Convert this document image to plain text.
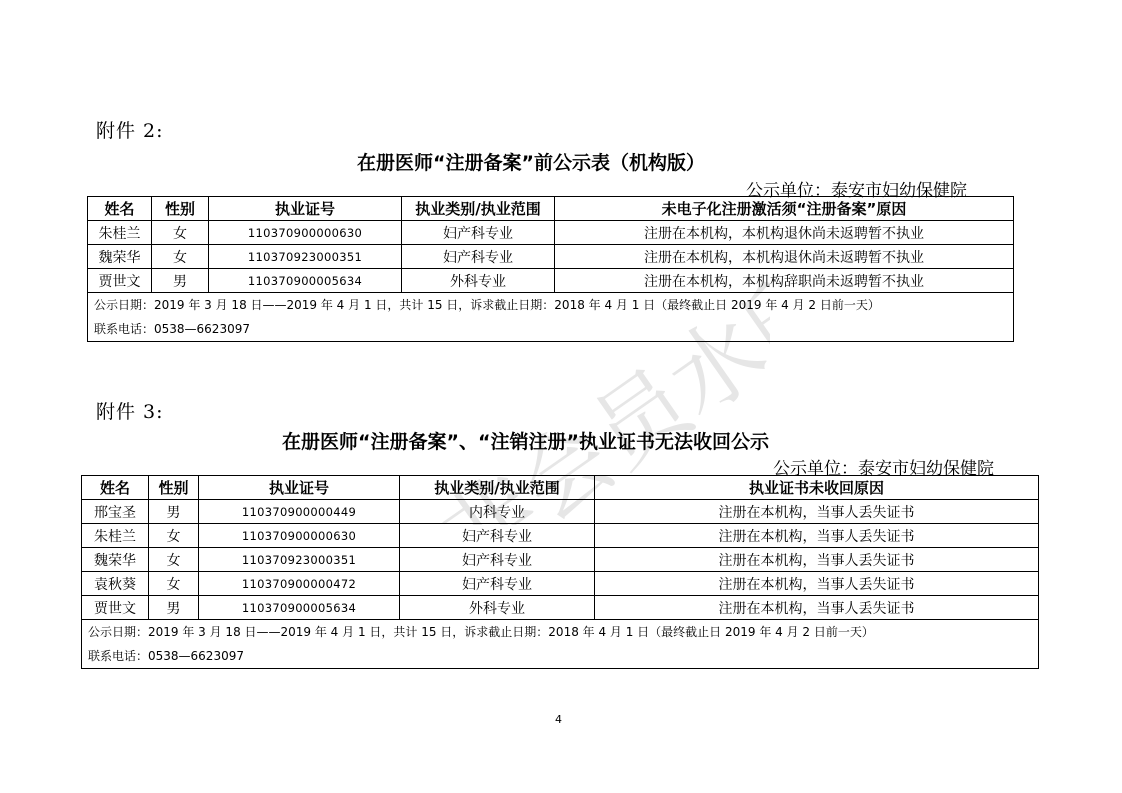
非会员水印
附件 2:
在册医师“注册备案”前公示表（机构版）
公示单位：泰安市妇幼保健院
姓名	性别	执业证号	执业类别/执业范围	未电子化注册激活须“注册备案”原因
朱桂兰	女	110370900000630	妇产科专业	注册在本机构，本机构退休尚未返聘暂不执业
魏荣华	女	110370923000351	妇产科专业	注册在本机构，本机构退休尚未返聘暂不执业
贾世文	男	110370900005634	外科专业	注册在本机构，本机构辞职尚未返聘暂不执业

公示日期：2019 年 3 月 18 日——2019 年 4 月 1 日，共计 15 日，诉求截止日期：2018 年 4 月 1 日（最终截止日 2019 年 4 月 2 日前一天）
联系电话：0538—6623097				
附件 3:
在册医师“注册备案”、“注销注册”执业证书无法收回公示
公示单位：泰安市妇幼保健院
姓名	性别	执业证号	执业类别/执业范围	执业证书未收回原因
邢宝圣	男	110370900000449	内科专业	注册在本机构，当事人丢失证书
朱桂兰	女	110370900000630	妇产科专业	注册在本机构，当事人丢失证书
魏荣华	女	110370923000351	妇产科专业	注册在本机构，当事人丢失证书
袁秋葵	女	110370900000472	妇产科专业	注册在本机构，当事人丢失证书
贾世文	男	110370900005634	外科专业	注册在本机构，当事人丢失证书

公示日期：2019 年 3 月 18 日——2019 年 4 月 1 日，共计 15 日，诉求截止日期：2018 年 4 月 1 日（最终截止日 2019 年 4 月 2 日前一天）
联系电话：0538—6623097				
4
